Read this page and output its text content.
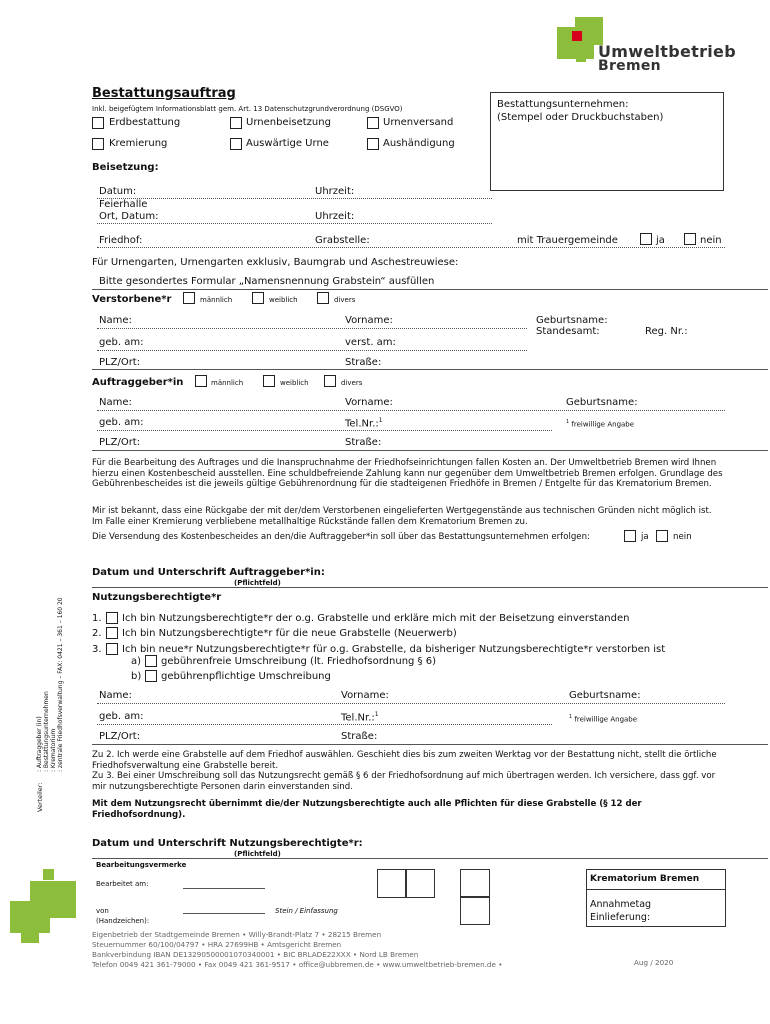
Umweltbetrieb
Bremen
Bestattungsauftrag
Inkl. beigefügtem Informationsblatt gem. Art. 13 Datenschutzgrundverordnung (DSGVO)	Bestattungsunternehmen:
(Stempel oder Druckbuchstaben)
Erdbestattung	Urnenbeisetzung	Urnenversand
Kremierung	Auswärtige Urne	Aushändigung
Beisetzung:
Datum:	Uhrzeit:
Feierhalle
Ort, Datum:	Uhrzeit:
Friedhof:	Grabstelle:	mit Trauergemeinde	ja	nein
Für Urnengarten, Urnengarten exklusiv, Baumgrab und Aschestreuwiese:
Bitte gesondertes Formular „Namensnennung Grabstein“ ausfüllen
Verstorbene*r	männlich	weiblich	divers
Name:	Vorname:	Geburtsname:
Standesamt:	Reg. Nr.:
geb. am:	verst. am:
PLZ/Ort:	Straße:
Auftraggeber*in	männlich	weiblich	divers
Name:	Vorname:	Geburtsname:
geb. am:	Tel.Nr.:$^1$	$^1$ freiwillige Angabe
PLZ/Ort:	Straße:
Für die Bearbeitung des Auftrages und die Inanspruchnahme der Friedhofseinrichtungen fallen Kosten an. Der Umweltbetrieb Bremen wird Ihnen hierzu einen Kostenbescheid ausstellen. Eine schuldbefreiende Zahlung kann nur gegenüber dem Umweltbetrieb Bremen erfolgen. Grundlage des Gebührenbescheides ist die jeweils gültige Gebührenordnung für die stadteigenen Friedhöfe in Bremen / Entgelte für das Krematorium Bremen.
Mir ist bekannt, dass eine Rückgabe der mit der/dem Verstorbenen eingelieferten Wertgegenstände aus technischen Gründen nicht möglich ist. Im Falle einer Kremierung verbliebene metallhaltige Rückstände fallen dem Krematorium Bremen zu.
Die Versendung des Kostenbescheides an den/die Auftraggeber*in soll über das Bestattungsunternehmen erfolgen:	ja	nein
Datum und Unterschrift Auftraggeber*in:
(Pflichtfeld)
Nutzungsberechtigte*r
1. Ich bin Nutzungsberechtigte*r der o.g. Grabstelle und erkläre mich mit der Beisetzung einverstanden
2. Ich bin Nutzungsberechtigte*r für die neue Grabstelle (Neuerwerb)
3. Ich bin neue*r Nutzungsberechtigte*r für o.g. Grabstelle, da bisheriger Nutzungsberechtigte*r verstorben ist
a) gebührenfreie Umschreibung (lt. Friedhofsordnung § 6)
b) gebührenpflichtige Umschreibung
Name:	Vorname:	Geburtsname:
geb. am:	Tel.Nr.:$^1$	$^1$ freiwillige Angabe
PLZ/Ort:	Straße:
Zu 2. Ich werde eine Grabstelle auf dem Friedhof auswählen. Geschieht dies bis zum zweiten Werktag vor der Bestattung nicht, stellt die örtliche Friedhofsverwaltung eine Grabstelle bereit.
Zu 3. Bei einer Umschreibung soll das Nutzungsrecht gemäß § 6 der Friedhofsordnung auf mich übertragen werden. Ich versichere, dass ggf. vor mir nutzungsberechtigte Personen darin einverstanden sind.
Mit dem Nutzungsrecht übernimmt die/der Nutzungsberechtigte auch alle Pflichten für diese Grabstelle (§ 12 der Friedhofsordnung).
Datum und Unterschrift Nutzungsberechtigte*r:
(Pflichtfeld)
Bearbeitungsvermerke
Bearbeitet am:
von
(Handzeichen):
Stein / Einfassung
Krematorium Bremen
Annahmetag
Einlieferung:
Eigenbetrieb der Stadtgemeinde Bremen • Willy-Brandt-Platz 7 • 28215 Bremen
Steuernummer 60/100/04797 • HRA 27699HB • Amtsgericht Bremen
Bankverbindung IBAN DE13290500001070340001 • BIC BRLADE22XXX • Nord LB Bremen
Telefon 0049 421 361-79000 • Fax 0049 421 361-9517 • office@ubbremen.de • www.umweltbetrieb-bremen.de •	Aug / 2020
Verteiler:
: Auftraggeber (in) : Bestattungsunternehmen : Krematorium : zentrale Friedhofsverwaltung – FAX: 0421 – 361 – 160 20
